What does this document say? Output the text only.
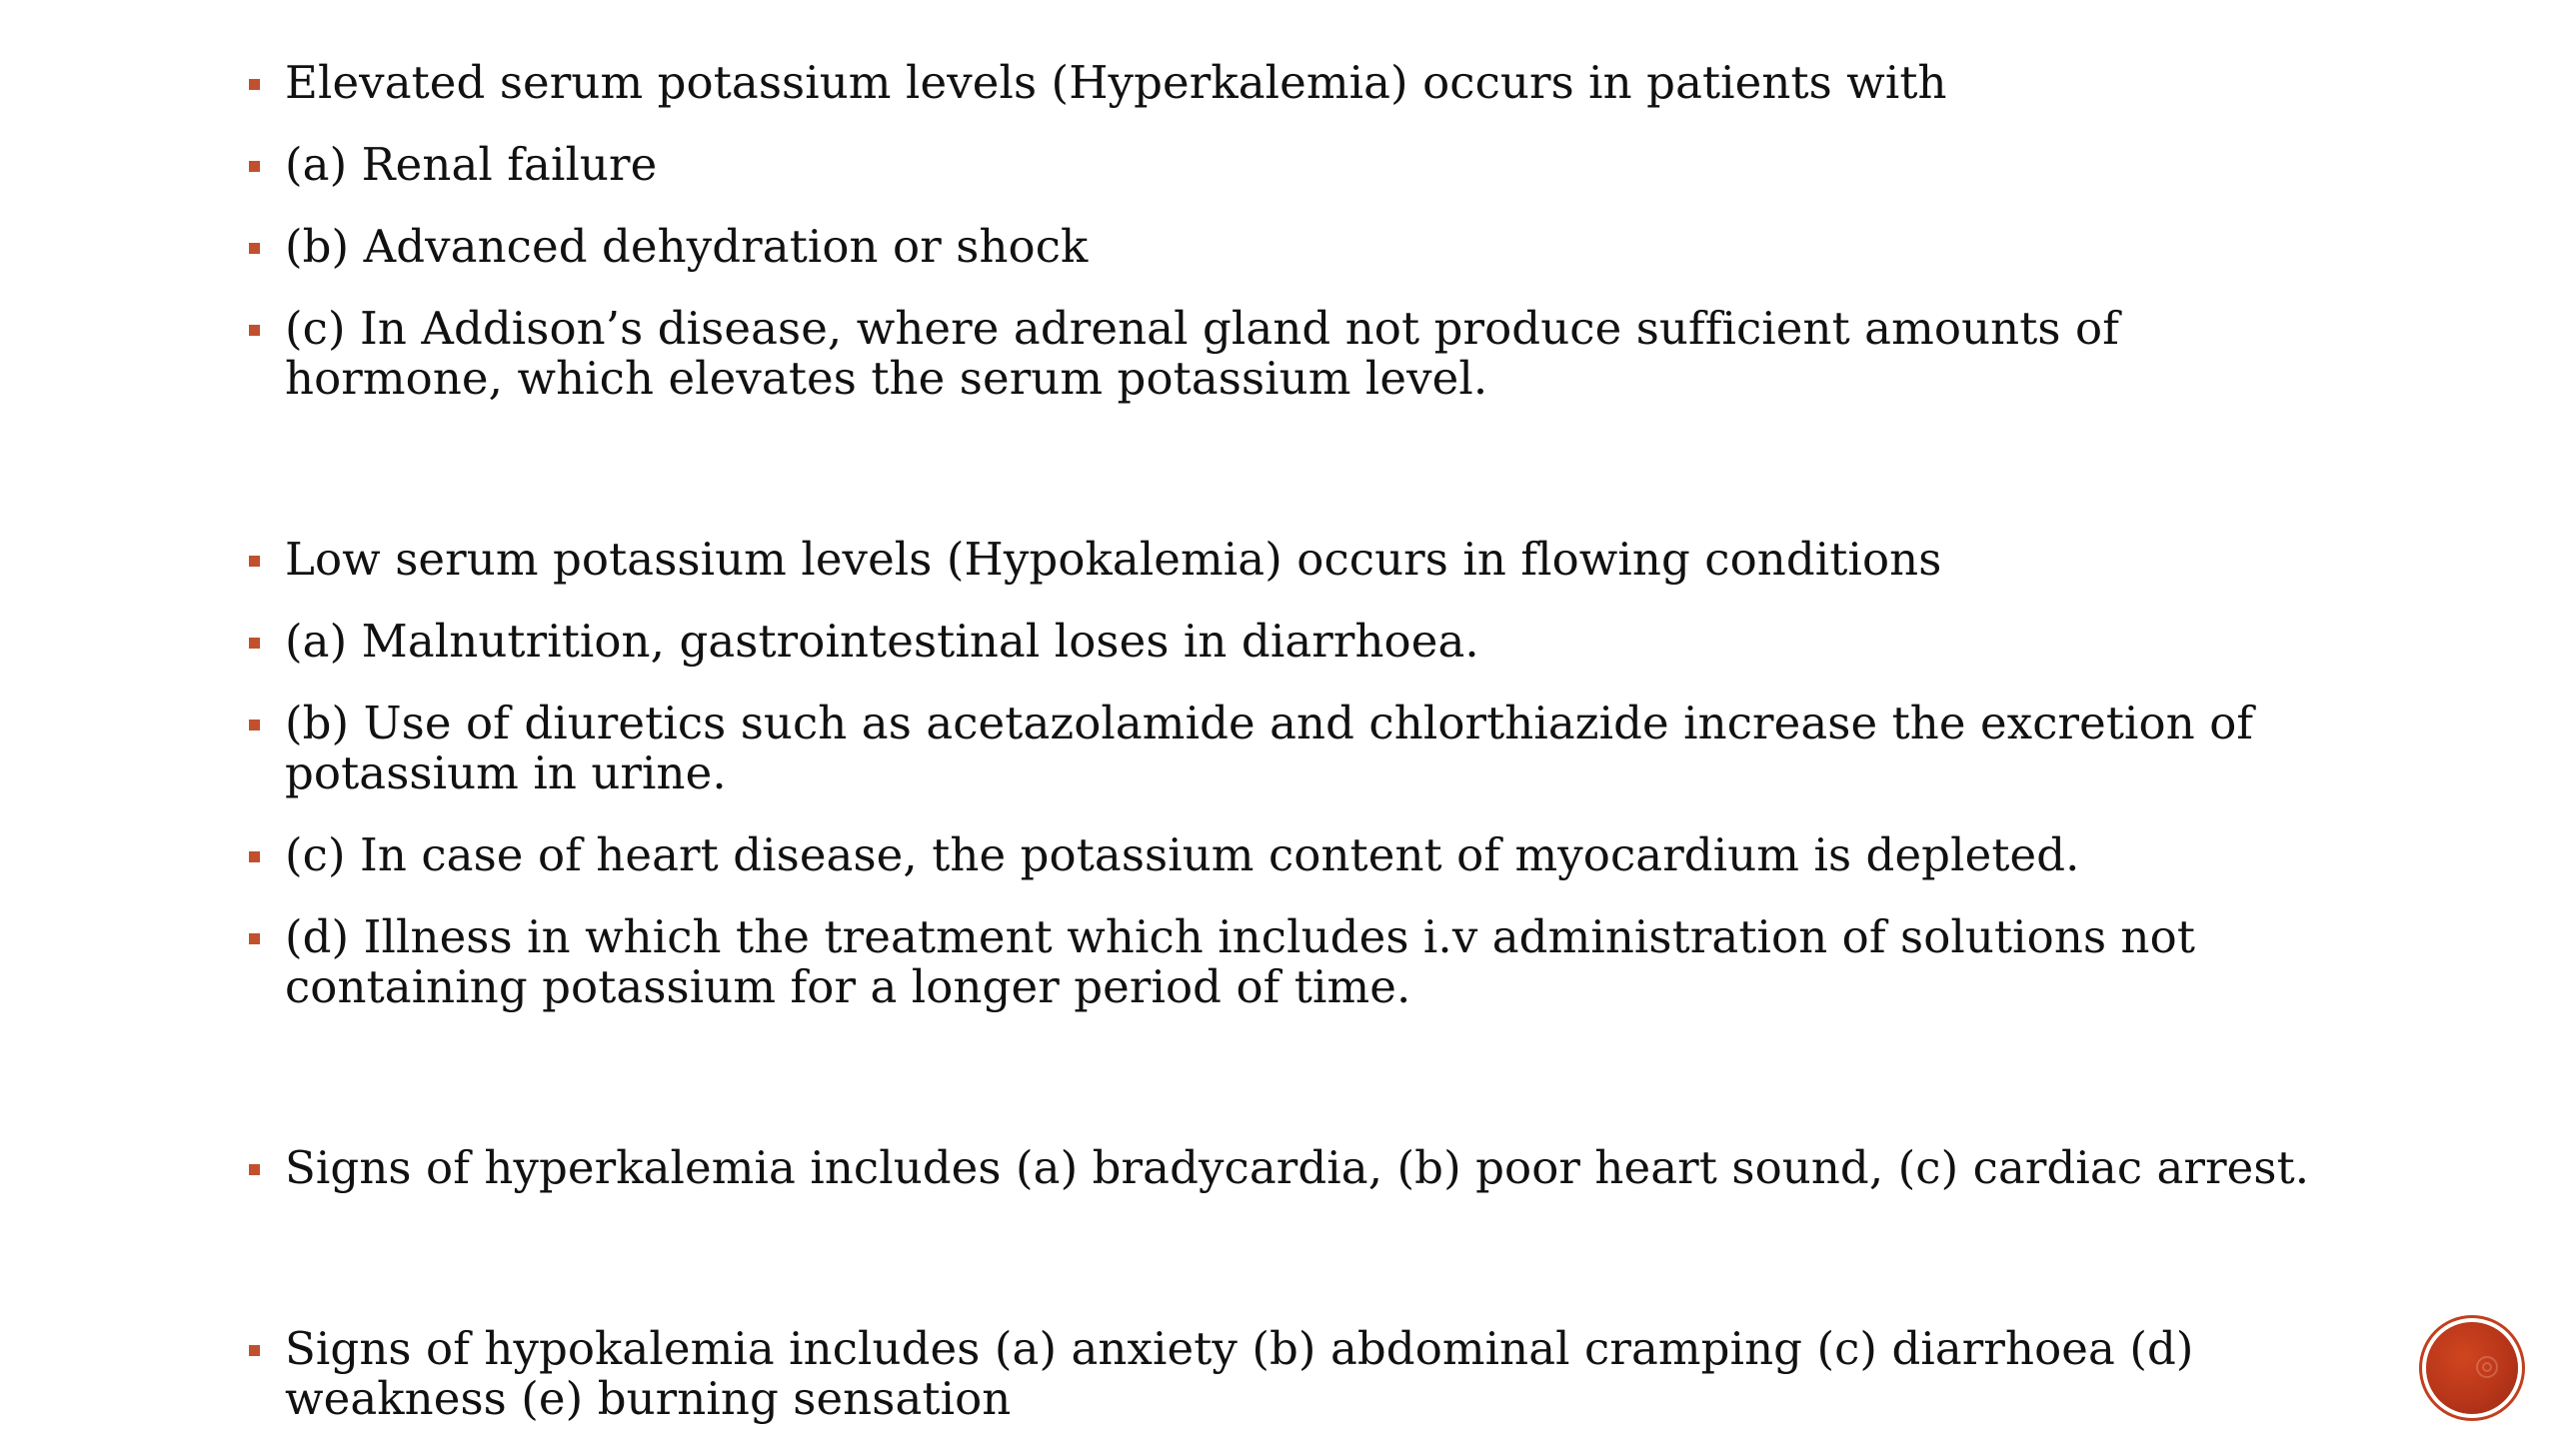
Elevated serum potassium levels (Hyperkalemia) occurs in patients with
(a) Renal failure
(b) Advanced dehydration or shock
(c) In Addison’s disease, where adrenal gland not produce sufficient amounts of hormone, which elevates the serum potassium level.
Low serum potassium levels (Hypokalemia) occurs in flowing conditions
(a) Malnutrition, gastrointestinal loses in diarrhoea.
(b) Use of diuretics such as acetazolamide and chlorthiazide increase the excretion of potassium in urine.
(c) In case of heart disease, the potassium content of myocardium is depleted.
(d) Illness in which the treatment which includes i.v administration of solutions not containing potassium for a longer period of time.
Signs of hyperkalemia includes (a) bradycardia, (b) poor heart sound, (c) cardiac arrest.
Signs of hypokalemia includes (a) anxiety (b) abdominal cramping (c) diarrhoea (d) weakness (e) burning sensation
